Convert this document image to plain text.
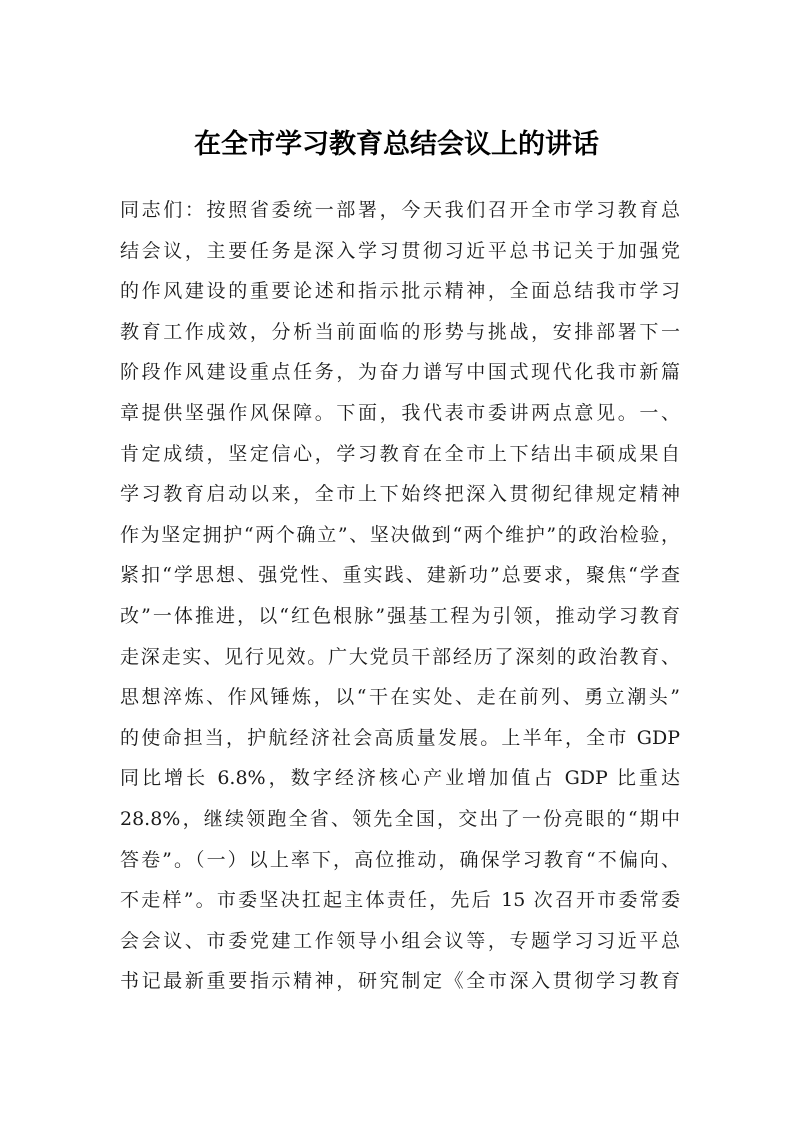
在全市学习教育总结会议上的讲话
同志们：按照省委统一部署，今天我们召开全市学习教育总
结会议，主要任务是深入学习贯彻习近平总书记关于加强党
的作风建设的重要论述和指示批示精神，全面总结我市学习
教育工作成效，分析当前面临的形势与挑战，安排部署下一
阶段作风建设重点任务，为奋力谱写中国式现代化我市新篇
章提供坚强作风保障。下面，我代表市委讲两点意见。一、
肯定成绩，坚定信心，学习教育在全市上下结出丰硕成果自
学习教育启动以来，全市上下始终把深入贯彻纪律规定精神
作为坚定拥护“两个确立”、坚决做到“两个维护”的政治检验，
紧扣“学思想、强党性、重实践、建新功”总要求，聚焦“学查
改”一体推进，以“红色根脉”强基工程为引领，推动学习教育
走深走实、见行见效。广大党员干部经历了深刻的政治教育、
思想淬炼、作风锤炼，以“干在实处、走在前列、勇立潮头”
的使命担当，护航经济社会高质量发展。上半年，全市 GDP
同比增长 6.8%，数字经济核心产业增加值占 GDP 比重达
28.8%，继续领跑全省、领先全国，交出了一份亮眼的“期中
答卷”。（一）以上率下，高位推动，确保学习教育“不偏向、
不走样”。市委坚决扛起主体责任，先后 15 次召开市委常委
会会议、市委党建工作领导小组会议等，专题学习习近平总
书记最新重要指示精神，研究制定《全市深入贯彻学习教育
